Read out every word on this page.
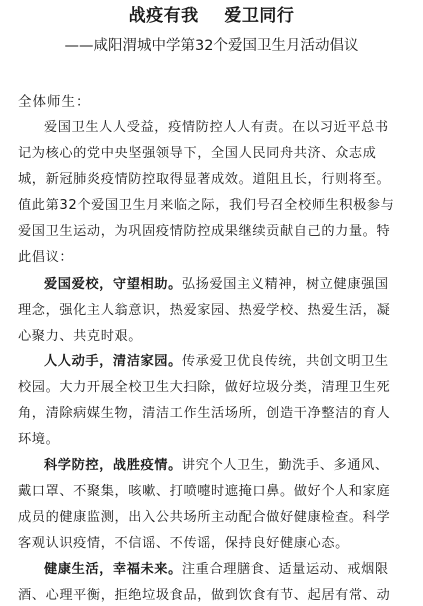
战疫有我    爱卫同行
——咸阳渭城中学第32个爱国卫生月活动倡议
全体师生：
爱国卫生人人受益，疫情防控人人有责。在以习近平总书
记为核心的党中央坚强领导下，全国人民同舟共济、众志成
城，新冠肺炎疫情防控取得显著成效。道阻且长，行则将至。
值此第32个爱国卫生月来临之际，我们号召全校师生积极参与
爱国卫生运动，为巩固疫情防控成果继续贡献自己的力量。特
此倡议：
爱国爱校，守望相助。弘扬爱国主义精神，树立健康强国
理念，强化主人翁意识，热爱家园、热爱学校、热爱生活，凝
心聚力、共克时艰。
人人动手，清洁家园。传承爱卫优良传统，共创文明卫生
校园。大力开展全校卫生大扫除，做好垃圾分类，清理卫生死
角，清除病媒生物，清洁工作生活场所，创造干净整洁的育人
环境。
科学防控，战胜疫情。讲究个人卫生，勤洗手、多通风、
戴口罩、不聚集，咳嗽、打喷嚏时遮掩口鼻。做好个人和家庭
成员的健康监测，出入公共场所主动配合做好健康检查。科学
客观认识疫情，不信谣、不传谣，保持良好健康心态。
健康生活，幸福未来。注重合理膳食、适量运动、戒烟限
酒、心理平衡，拒绝垃圾食品，做到饮食有节、起居有常、动
